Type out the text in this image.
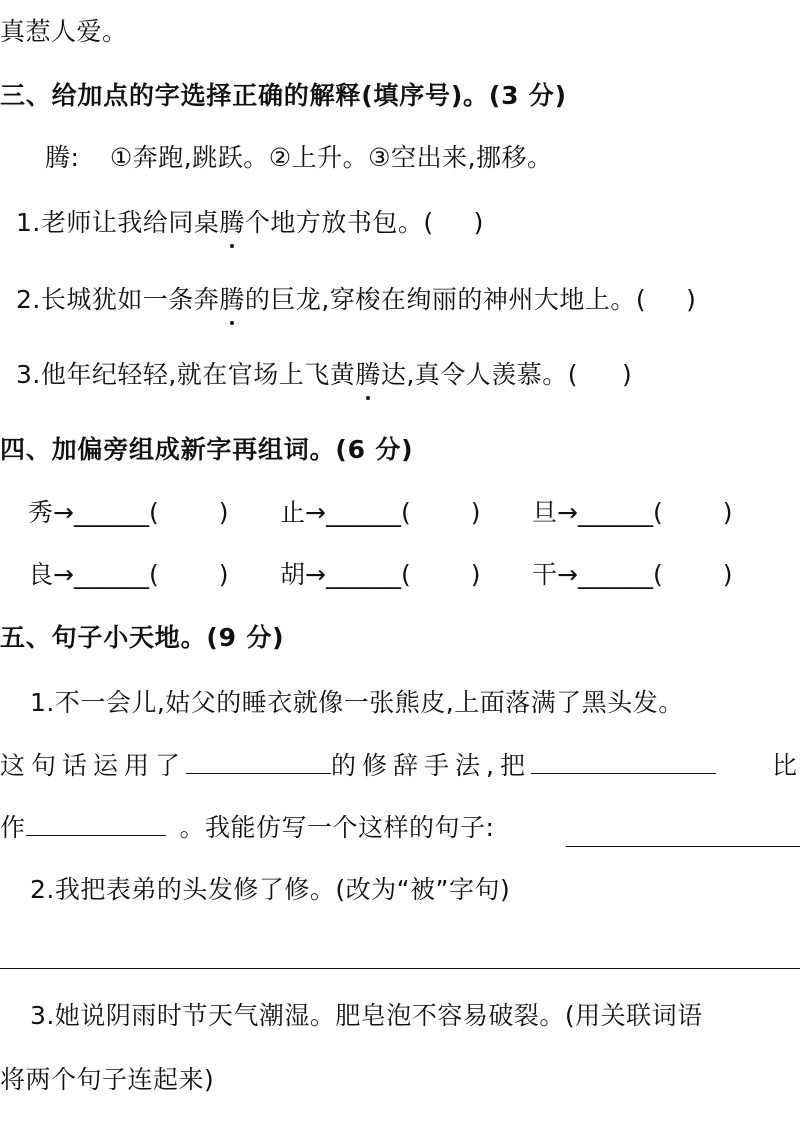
真惹人爱。
三、给加点的字选择正确的解释(填序号)。(3 分)
腾: ①奔跑,跳跃。②上升。③空出来,挪移。
1.老师让我给同桌腾个地方放书包。( )
2.长城犹如一条奔腾的巨龙,穿梭在绚丽的神州大地上。( )
3.他年纪轻轻,就在官场上飞黄腾达,真令人羡慕。( )
四、加偏旁组成新字再组词。(6 分)
秀→______( ) 止→______( ) 旦→______( )
良→______( ) 胡→______( ) 干→______( )
五、句子小天地。(9 分)
1.不一会儿,姑父的睡衣就像一张熊皮,上面落满了黑头发。
这句话运用了	的修辞手法,把	比
作	。我能仿写一个这样的句子:
2.我把表弟的头发修了修。(改为“被”字句)
3.她说阴雨时节天气潮湿。肥皂泡不容易破裂。(用关联词语
将两个句子连起来)
